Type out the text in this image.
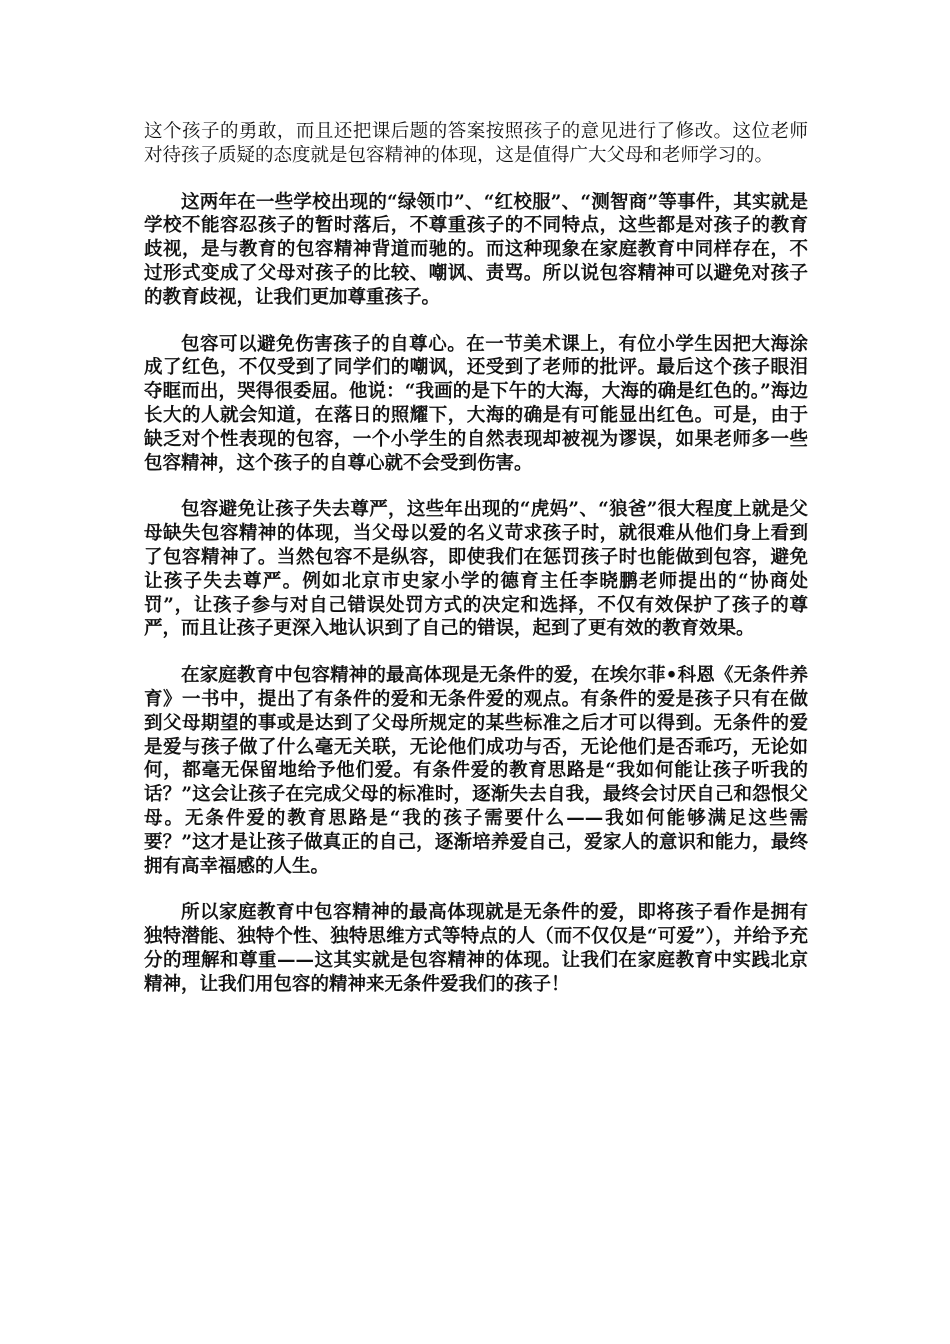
这个孩子的勇敢，而且还把课后题的答案按照孩子的意见进行了修改。这位老师对待孩子质疑的态度就是包容精神的体现，这是值得广大父母和老师学习的。

这两年在一些学校出现的“绿领巾”、“红校服”、“测智商”等事件，其实就是学校不能容忍孩子的暂时落后，不尊重孩子的不同特点，这些都是对孩子的教育歧视，是与教育的包容精神背道而驰的。而这种现象在家庭教育中同样存在，不过形式变成了父母对孩子的比较、嘲讽、责骂。所以说包容精神可以避免对孩子的教育歧视，让我们更加尊重孩子。

包容可以避免伤害孩子的自尊心。在一节美术课上，有位小学生因把大海涂成了红色，不仅受到了同学们的嘲讽，还受到了老师的批评。最后这个孩子眼泪夺眶而出，哭得很委屈。他说：“我画的是下午的大海，大海的确是红色的。”海边长大的人就会知道，在落日的照耀下，大海的确是有可能显出红色。可是，由于缺乏对个性表现的包容，一个小学生的自然表现却被视为谬误，如果老师多一些包容精神，这个孩子的自尊心就不会受到伤害。

包容避免让孩子失去尊严，这些年出现的“虎妈”、“狼爸”很大程度上就是父母缺失包容精神的体现，当父母以爱的名义苛求孩子时，就很难从他们身上看到了包容精神了。当然包容不是纵容，即使我们在惩罚孩子时也能做到包容，避免让孩子失去尊严。例如北京市史家小学的德育主任李晓鹏老师提出的“协商处罚”，让孩子参与对自己错误处罚方式的决定和选择，不仅有效保护了孩子的尊严，而且让孩子更深入地认识到了自己的错误，起到了更有效的教育效果。

在家庭教育中包容精神的最高体现是无条件的爱，在埃尔菲•科恩《无条件养育》一书中，提出了有条件的爱和无条件爱的观点。有条件的爱是孩子只有在做到父母期望的事或是达到了父母所规定的某些标准之后才可以得到。无条件的爱是爱与孩子做了什么毫无关联，无论他们成功与否，无论他们是否乖巧，无论如何，都毫无保留地给予他们爱。有条件爱的教育思路是“我如何能让孩子听我的话？”这会让孩子在完成父母的标准时，逐渐失去自我，最终会讨厌自己和怨恨父母。无条件爱的教育思路是“我的孩子需要什么——我如何能够满足这些需要？”这才是让孩子做真正的自己，逐渐培养爱自己，爱家人的意识和能力，最终拥有高幸福感的人生。

所以家庭教育中包容精神的最高体现就是无条件的爱，即将孩子看作是拥有独特潜能、独特个性、独特思维方式等特点的人（而不仅仅是“可爱”），并给予充分的理解和尊重——这其实就是包容精神的体现。让我们在家庭教育中实践北京精神，让我们用包容的精神来无条件爱我们的孩子！
